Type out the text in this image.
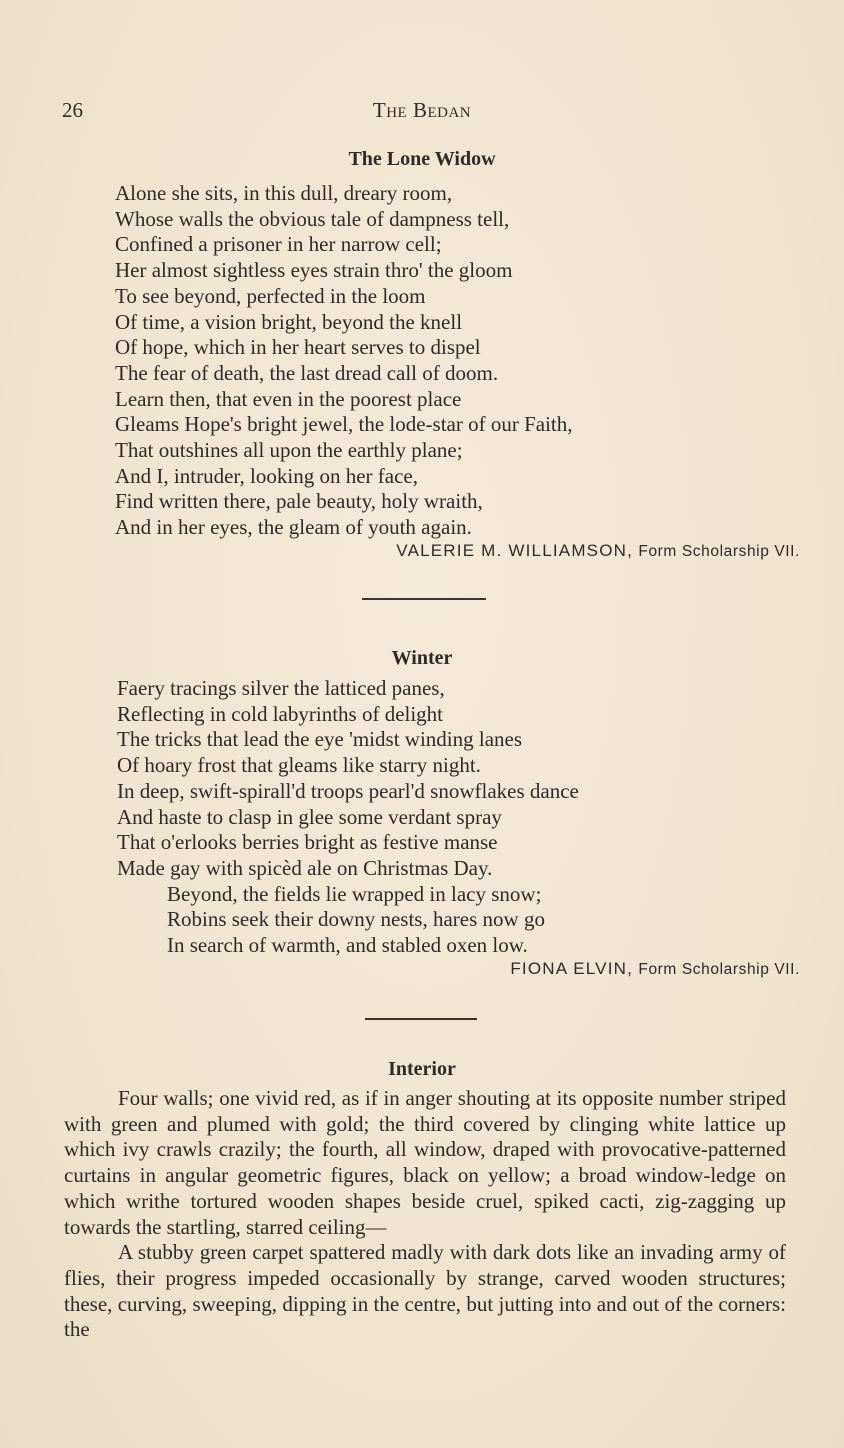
26	The Bedan
The Lone Widow
Alone she sits, in this dull, dreary room,
Whose walls the obvious tale of dampness tell,
Confined a prisoner in her narrow cell;
Her almost sightless eyes strain thro' the gloom
To see beyond, perfected in the loom
Of time, a vision bright, beyond the knell
Of hope, which in her heart serves to dispel
The fear of death, the last dread call of doom.
Learn then, that even in the poorest place
Gleams Hope's bright jewel, the lode-star of our Faith,
That outshines all upon the earthly plane;
And I, intruder, looking on her face,
Find written there, pale beauty, holy wraith,
And in her eyes, the gleam of youth again.
VALERIE M. WILLIAMSON, Form Scholarship VII.
Winter
Faery tracings silver the latticed panes,
Reflecting in cold labyrinths of delight
The tricks that lead the eye 'midst winding lanes
Of hoary frost that gleams like starry night.
In deep, swift-spirall'd troops pearl'd snowflakes dance
And haste to clasp in glee some verdant spray
That o'erlooks berries bright as festive manse
Made gay with spicèd ale on Christmas Day.
Beyond, the fields lie wrapped in lacy snow;
Robins seek their downy nests, hares now go
In search of warmth, and stabled oxen low.
FIONA ELVIN, Form Scholarship VII.
Interior

Four walls; one vivid red, as if in anger shouting at its opposite number striped with green and plumed with gold; the third covered by clinging white lattice up which ivy crawls crazily; the fourth, all window, draped with provocative-patterned curtains in angular geometric figures, black on yellow; a broad window-ledge on which writhe tortured wooden shapes beside cruel, spiked cacti, zig-zagging up towards the startling, starred ceiling—

A stubby green carpet spattered madly with dark dots like an invading army of flies, their progress impeded occasionally by strange, carved wooden structures; these, curving, sweeping, dipping in the centre, but jutting into and out of the corners: the
